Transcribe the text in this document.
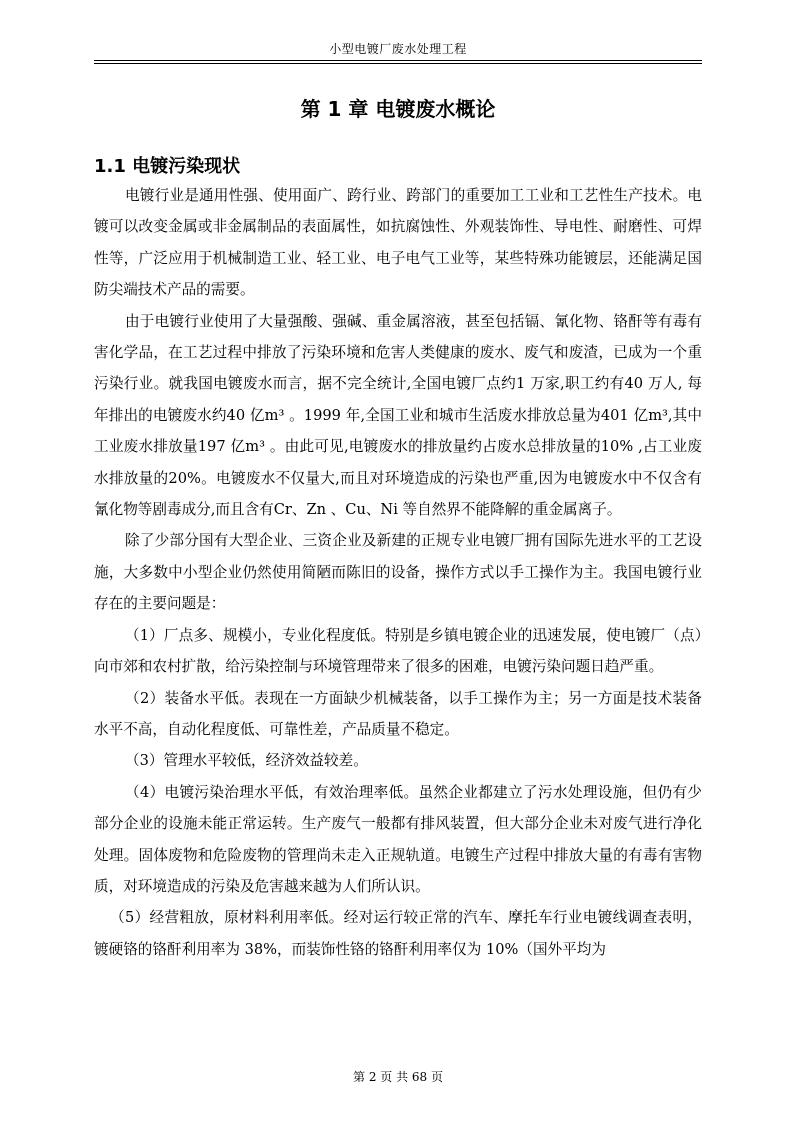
小型电镀厂废水处理工程
第 1 章 电镀废水概论
1.1 电镀污染现状

电镀行业是通用性强、使用面广、跨行业、跨部门的重要加工工业和工艺性生产技术。电镀可以改变金属或非金属制品的表面属性，如抗腐蚀性、外观装饰性、导电性、耐磨性、可焊性等，广泛应用于机械制造工业、轻工业、电子电气工业等，某些特殊功能镀层，还能满足国防尖端技术产品的需要。

由于电镀行业使用了大量强酸、强碱、重金属溶液，甚至包括镉、氰化物、铬酐等有毒有害化学品，在工艺过程中排放了污染环境和危害人类健康的废水、废气和废渣，已成为一个重污染行业。就我国电镀废水而言，据不完全统计,全国电镀厂点约1 万家,职工约有40 万人, 每年排出的电镀废水约40 亿m³ 。1999 年,全国工业和城市生活废水排放总量为401 亿m³,其中工业废水排放量197 亿m³ 。由此可见,电镀废水的排放量约占废水总排放量的10% ,占工业废水排放量的20%。电镀废水不仅量大,而且对环境造成的污染也严重,因为电镀废水中不仅含有氰化物等剧毒成分,而且含有Cr、Zn 、Cu、Ni 等自然界不能降解的重金属离子。

除了少部分国有大型企业、三资企业及新建的正规专业电镀厂拥有国际先进水平的工艺设施，大多数中小型企业仍然使用简陋而陈旧的设备，操作方式以手工操作为主。我国电镀行业存在的主要问题是：

（1）厂点多、规模小，专业化程度低。特别是乡镇电镀企业的迅速发展，使电镀厂（点）向市郊和农村扩散，给污染控制与环境管理带来了很多的困难，电镀污染问题日趋严重。

（2）装备水平低。表现在一方面缺少机械装备，以手工操作为主；另一方面是技术装备水平不高，自动化程度低、可靠性差，产品质量不稳定。

（3）管理水平较低，经济效益较差。

（4）电镀污染治理水平低，有效治理率低。虽然企业都建立了污水处理设施，但仍有少部分企业的设施未能正常运转。生产废气一般都有排风装置，但大部分企业未对废气进行净化处理。固体废物和危险废物的管理尚未走入正规轨道。电镀生产过程中排放大量的有毒有害物质，对环境造成的污染及危害越来越为人们所认识。

（5）经营粗放，原材料利用率低。经对运行较正常的汽车、摩托车行业电镀线调查表明，镀硬铬的铬酐利用率为 38%，而装饰性铬的铬酐利用率仅为 10%（国外平均为

第 2 页 共 68 页
